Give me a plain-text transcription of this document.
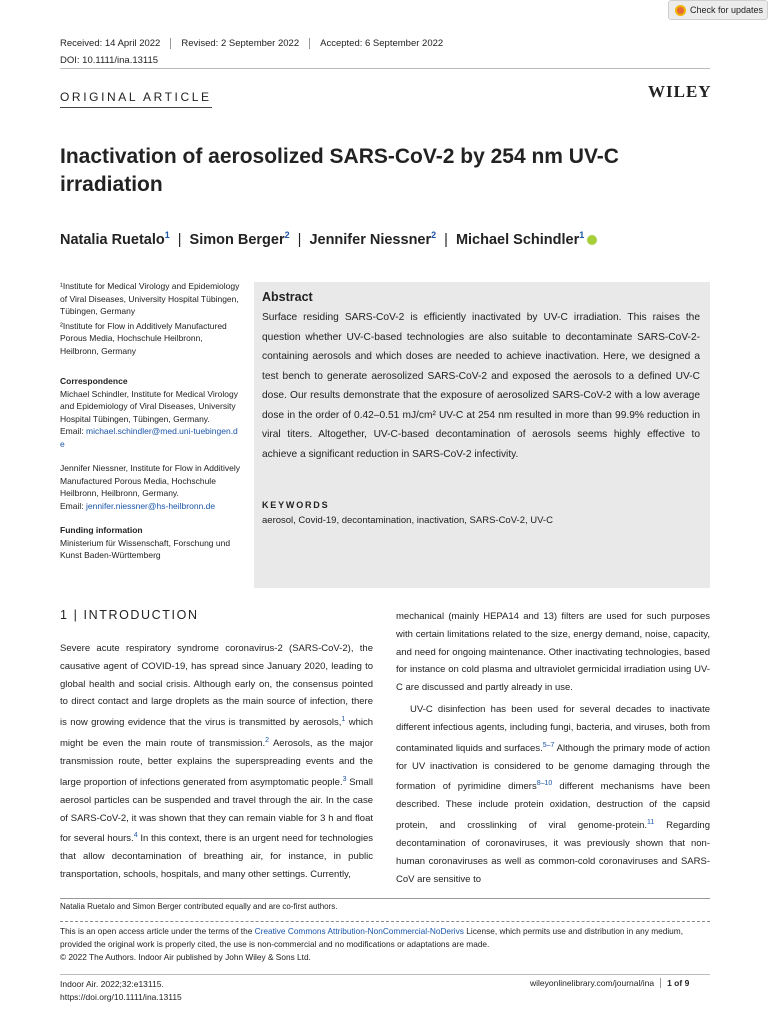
Check for updates
Received: 14 April 2022	Revised: 2 September 2022	Accepted: 6 September 2022
DOI: 10.1111/ina.13115
ORIGINAL ARTICLE	WILEY
Inactivation of aerosolized SARS-CoV-2 by 254 nm UV-C irradiation
Natalia Ruetalo$^1$ | Simon Berger$^2$ | Jennifer Niessner$^2$ | Michael Schindler$^1$
¹Institute for Medical Virology and Epidemiology of Viral Diseases, University Hospital Tübingen, Tübingen, Germany
²Institute for Flow in Additively Manufactured Porous Media, Hochschule Heilbronn, Heilbronn, Germany
Correspondence
Michael Schindler, Institute for Medical Virology and Epidemiology of Viral Diseases, University Hospital Tübingen, Tübingen, Germany.
Email: michael.schindler@med.uni-tuebingen.de
Jennifer Niessner, Institute for Flow in Additively Manufactured Porous Media, Hochschule Heilbronn, Heilbronn, Germany.
Email: jennifer.niessner@hs-heilbronn.de
Funding information
Ministerium für Wissenschaft, Forschung und Kunst Baden-Württemberg
Abstract
Surface residing SARS-CoV-2 is efficiently inactivated by UV-C irradiation. This raises the question whether UV-C-based technologies are also suitable to decontaminate SARS-CoV-2- containing aerosols and which doses are needed to achieve inactivation. Here, we designed a test bench to generate aerosolized SARS-CoV-2 and exposed the aerosols to a defined UV-C dose. Our results demonstrate that the exposure of aerosolized SARS-CoV-2 with a low average dose in the order of 0.42–0.51 mJ/cm² UV-C at 254 nm resulted in more than 99.9% reduction in viral titers. Altogether, UV-C-based decontamination of aerosols seems highly effective to achieve a significant reduction in SARS-CoV-2 infectivity.
KEYWORDS
aerosol, Covid-19, decontamination, inactivation, SARS-CoV-2, UV-C
1 | INTRODUCTION
Severe acute respiratory syndrome coronavirus-2 (SARS-CoV-2), the causative agent of COVID-19, has spread since January 2020, leading to global health and social crisis. Although early on, the consensus pointed to direct contact and large droplets as the main source of infection, there is now growing evidence that the virus is transmitted by aerosols,$^1$ which might be even the main route of transmission.$^2$ Aerosols, as the major transmission route, better explains the superspreading events and the large proportion of infections generated from asymptomatic people.$^3$ Small aerosol particles can be suspended and travel through the air. In the case of SARS-CoV-2, it was shown that they can remain viable for 3 h and float for several hours.$^4$ In this context, there is an urgent need for technologies that allow decontamination of breathing air, for instance, in public transportation, schools, hospitals, and many other settings. Currently,
mechanical (mainly HEPA14 and 13) filters are used for such purposes with certain limitations related to the size, energy demand, noise, capacity, and need for ongoing maintenance. Other inactivating technologies, based for instance on cold plasma and ultraviolet germicidal irradiation using UV-C are discussed and partly already in use.
UV-C disinfection has been used for several decades to inactivate different infectious agents, including fungi, bacteria, and viruses, both from contaminated liquids and surfaces.$^{5-7}$ Although the primary mode of action for UV inactivation is considered to be genome damaging through the formation of pyrimidine dimers$^{8-10}$ different mechanisms have been described. These include protein oxidation, destruction of the capsid protein, and crosslinking of viral genome-protein.$^{11}$ Regarding decontamination of coronaviruses, it was previously shown that non-human coronaviruses as well as common-cold coronaviruses and SARS-CoV are sensitive to
Natalia Ruetalo and Simon Berger contributed equally and are co-first authors.
This is an open access article under the terms of the Creative Commons Attribution-NonCommercial-NoDerivs License, which permits use and distribution in any medium, provided the original work is properly cited, the use is non-commercial and no modifications or adaptations are made.
© 2022 The Authors. Indoor Air published by John Wiley & Sons Ltd.
Indoor Air. 2022;32:e13115.
https://doi.org/10.1111/ina.13115
wileyonlinelibrary.com/journal/ina	1 of 9
